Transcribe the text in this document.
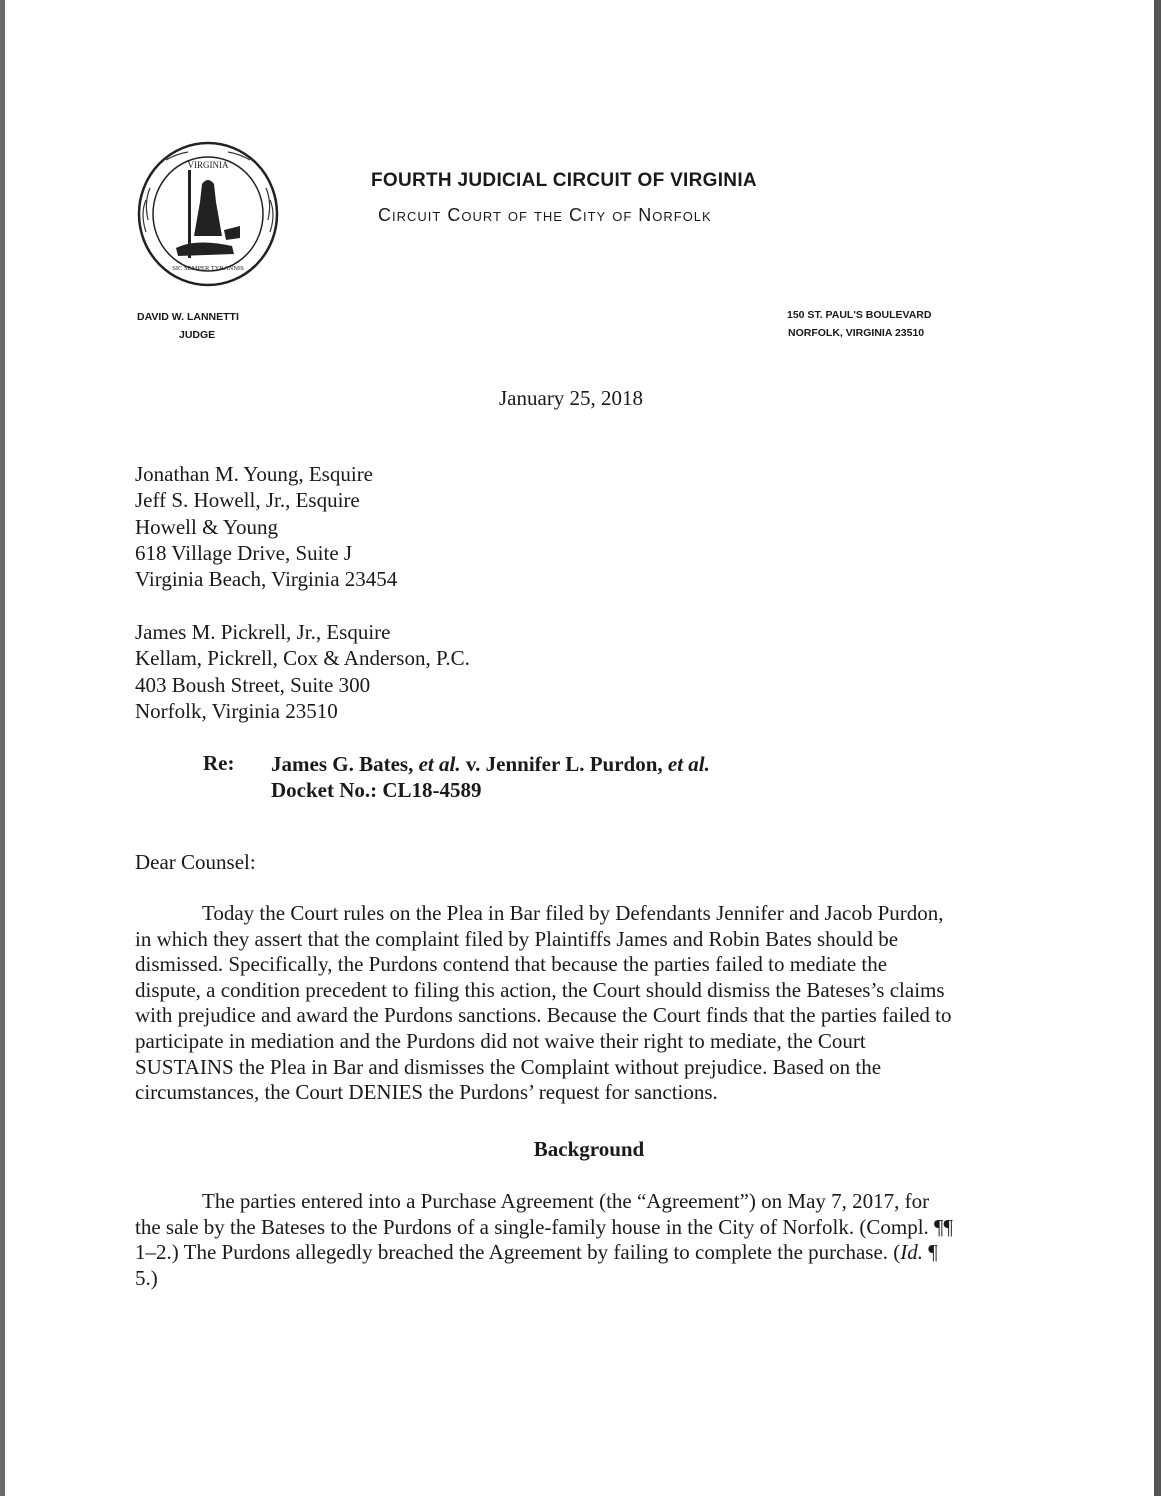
VIRGINIA
SIC SEMPER TYRANNIS
FOURTH JUDICIAL CIRCUIT OF VIRGINIA
Circuit Court of the City of Norfolk
DAVID W. LANNETTI
JUDGE
150 ST. PAUL'S BOULEVARD
NORFOLK, VIRGINIA 23510
January 25, 2018
Jonathan M. Young, Esquire
Jeff S. Howell, Jr., Esquire
Howell & Young
618 Village Drive, Suite J
Virginia Beach, Virginia 23454
James M. Pickrell, Jr., Esquire
Kellam, Pickrell, Cox & Anderson, P.C.
403 Boush Street, Suite 300
Norfolk, Virginia 23510
Re: James G. Bates, et al. v. Jennifer L. Purdon, et al.
Docket No.: CL18-4589
Dear Counsel:
Today the Court rules on the Plea in Bar filed by Defendants Jennifer and Jacob Purdon,
in which they assert that the complaint filed by Plaintiffs James and Robin Bates should be
dismissed. Specifically, the Purdons contend that because the parties failed to mediate the
dispute, a condition precedent to filing this action, the Court should dismiss the Bateses’s claims
with prejudice and award the Purdons sanctions. Because the Court finds that the parties failed to
participate in mediation and the Purdons did not waive their right to mediate, the Court
SUSTAINS the Plea in Bar and dismisses the Complaint without prejudice. Based on the
circumstances, the Court DENIES the Purdons’ request for sanctions.
Background
The parties entered into a Purchase Agreement (the “Agreement”) on May 7, 2017, for
the sale by the Bateses to the Purdons of a single-family house in the City of Norfolk. (Compl. ¶¶
1–2.) The Purdons allegedly breached the Agreement by failing to complete the purchase. (Id. ¶
5.)
